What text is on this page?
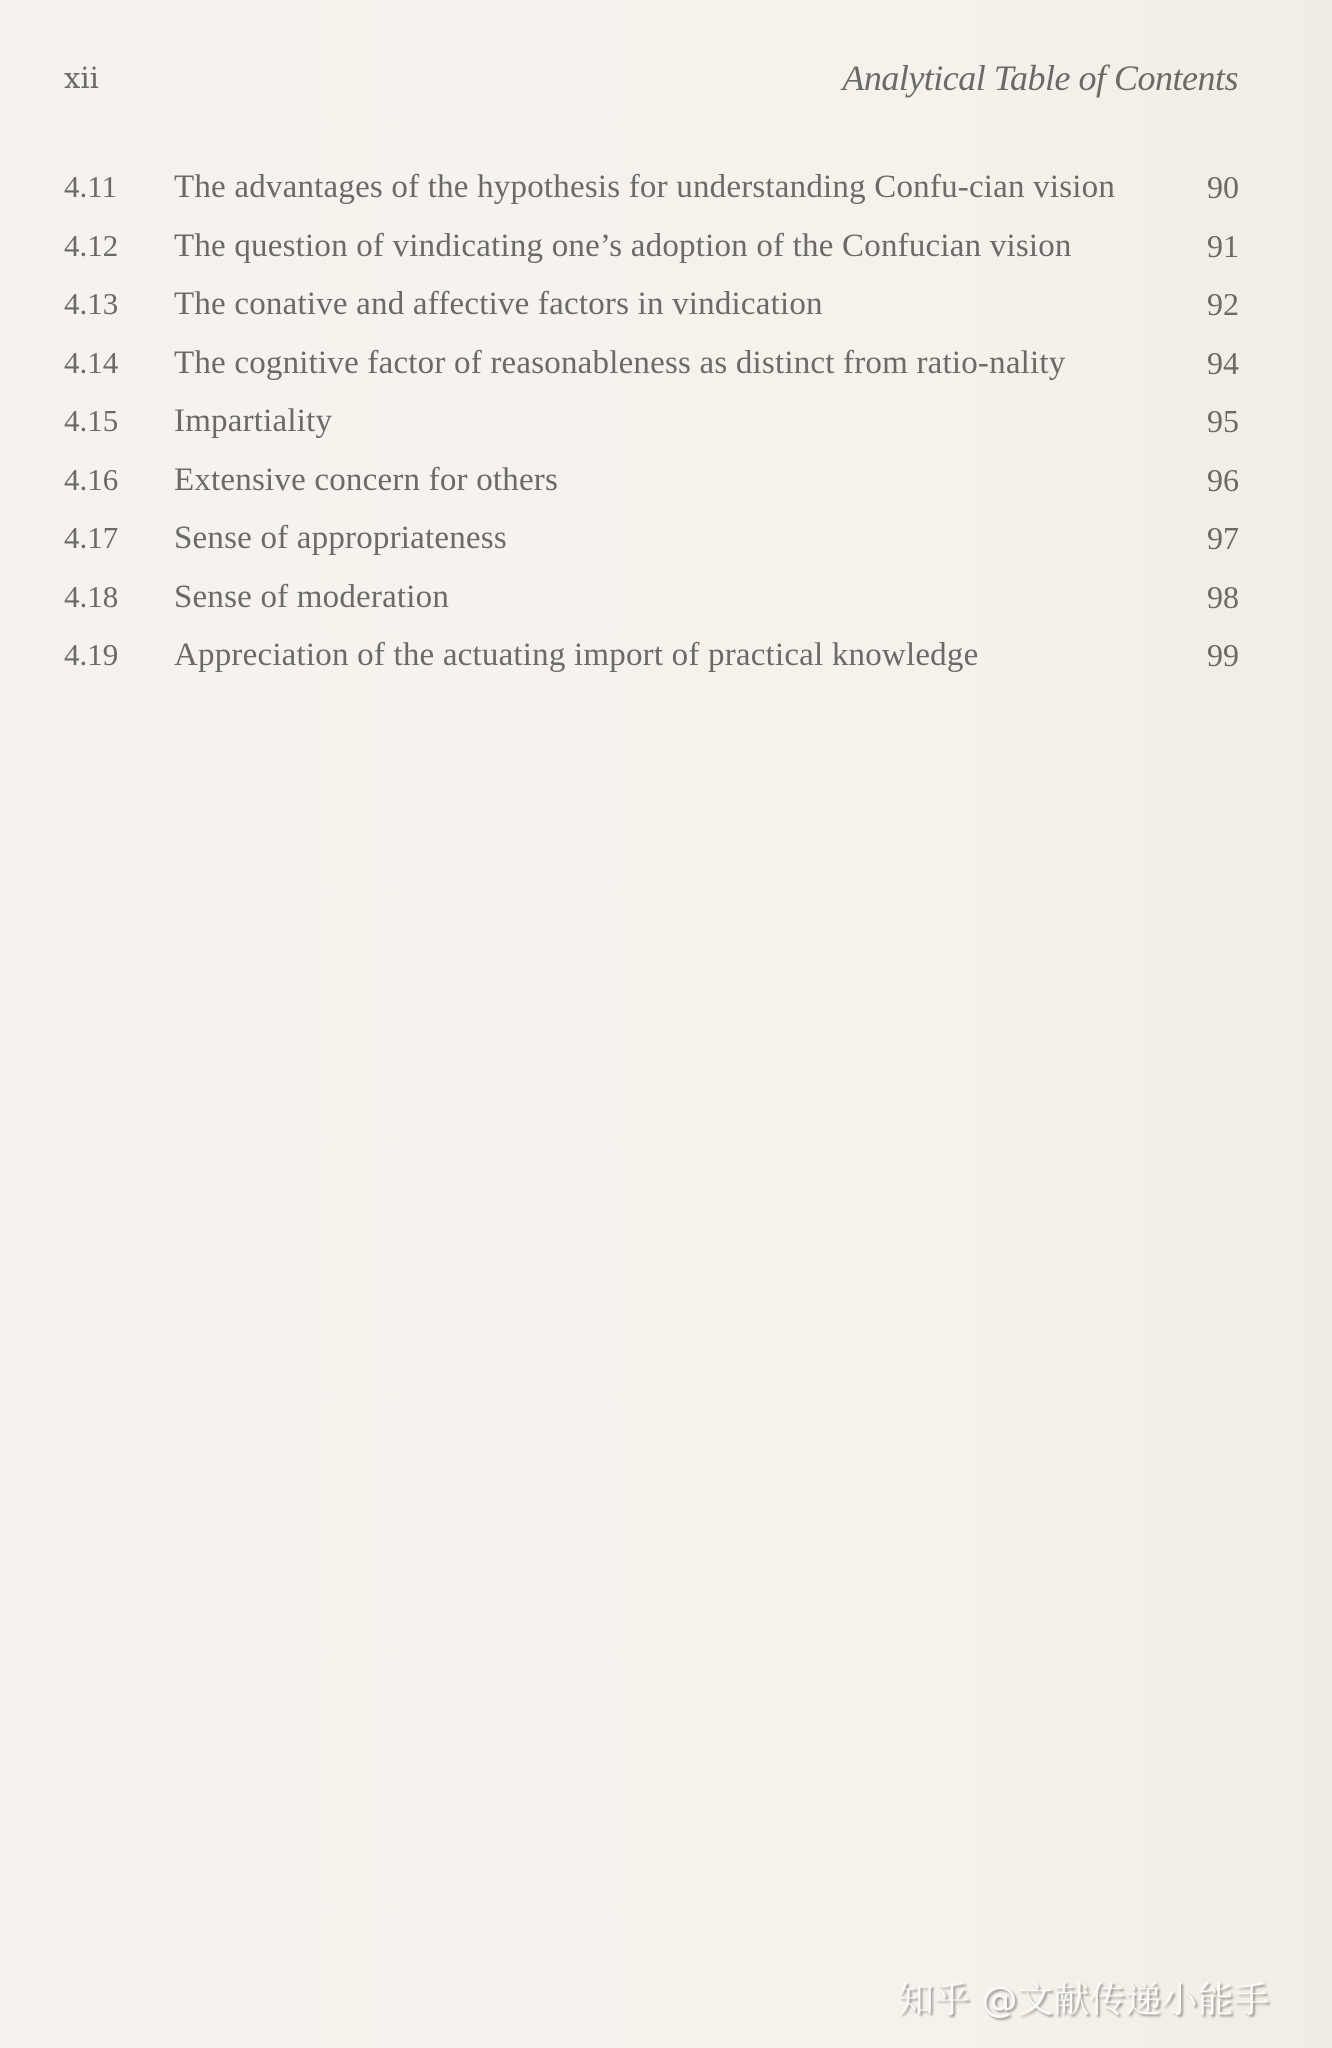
xii	Analytical Table of Contents
4.11	The advantages of the hypothesis for understanding Confu-cian vision	90
4.12	The question of vindicating one’s adoption of the Confucian vision	91
4.13	The conative and affective factors in vindication	92
4.14	The cognitive factor of reasonableness as distinct from ratio-nality	94
4.15	Impartiality	95
4.16	Extensive concern for others	96
4.17	Sense of appropriateness	97
4.18	Sense of moderation	98
4.19	Appreciation of the actuating import of practical knowledge	99
知乎 @文献传递小能手
